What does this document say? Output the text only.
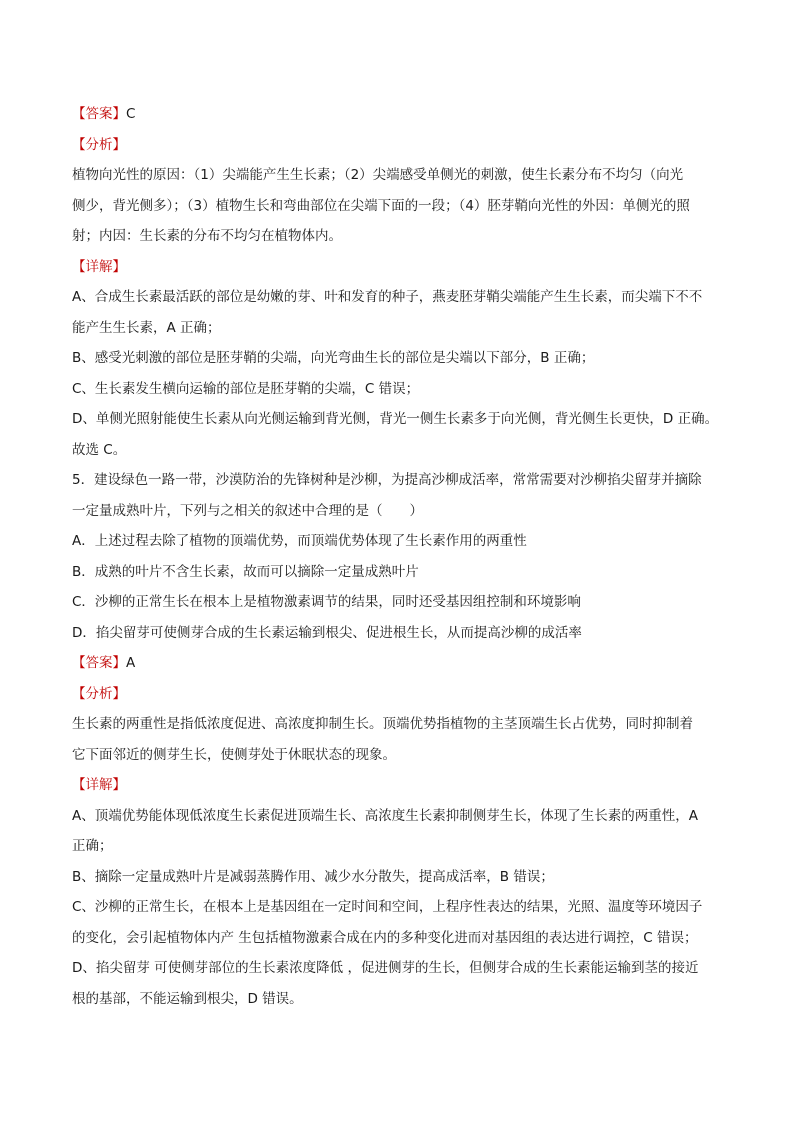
【答案】C
【分析】
植物向光性的原因：（1）尖端能产生生长素；（2）尖端感受单侧光的刺激，使生长素分布不均匀（向光
侧少，背光侧多）；（3）植物生长和弯曲部位在尖端下面的一段；（4）胚芽鞘向光性的外因：单侧光的照
射；内因：生长素的分布不均匀在植物体内。
【详解】
A、合成生长素最活跃的部位是幼嫩的芽、叶和发育的种子，燕麦胚芽鞘尖端能产生生长素，而尖端下不不
能产生生长素，A 正确；
B、感受光刺激的部位是胚芽鞘的尖端，向光弯曲生长的部位是尖端以下部分，B 正确；
C、生长素发生横向运输的部位是胚芽鞘的尖端，C 错误；
D、单侧光照射能使生长素从向光侧运输到背光侧，背光一侧生长素多于向光侧，背光侧生长更快，D 正确。
故选 C。
5．建设绿色一路一带，沙漠防治的先锋树种是沙柳，为提高沙柳成活率，常常需要对沙柳掐尖留芽并摘除
一定量成熟叶片，下列与之相关的叙述中合理的是（　　）
A．上述过程去除了植物的顶端优势，而顶端优势体现了生长素作用的两重性
B．成熟的叶片不含生长素，故而可以摘除一定量成熟叶片
C．沙柳的正常生长在根本上是植物激素调节的结果，同时还受基因组控制和环境影响
D．掐尖留芽可使侧芽合成的生长素运输到根尖、促进根生长，从而提高沙柳的成活率
【答案】A
【分析】
生长素的两重性是指低浓度促进、高浓度抑制生长。顶端优势指植物的主茎顶端生长占优势，同时抑制着
它下面邻近的侧芽生长，使侧芽处于休眠状态的现象。
【详解】
A、顶端优势能体现低浓度生长素促进顶端生长、高浓度生长素抑制侧芽生长，体现了生长素的两重性，A
正确；
B、摘除一定量成熟叶片是减弱蒸腾作用、减少水分散失，提高成活率，B 错误；
C、沙柳的正常生长，在根本上是基因组在一定时间和空间，上程序性表达的结果，光照、温度等环境因子
的变化，会引起植物体内产 生包括植物激素合成在内的多种变化进而对基因组的表达进行调控，C 错误；
D、掐尖留芽 可使侧芽部位的生长素浓度降低 ，促进侧芽的生长，但侧芽合成的生长素能运输到茎的接近
根的基部，不能运输到根尖，D 错误。
